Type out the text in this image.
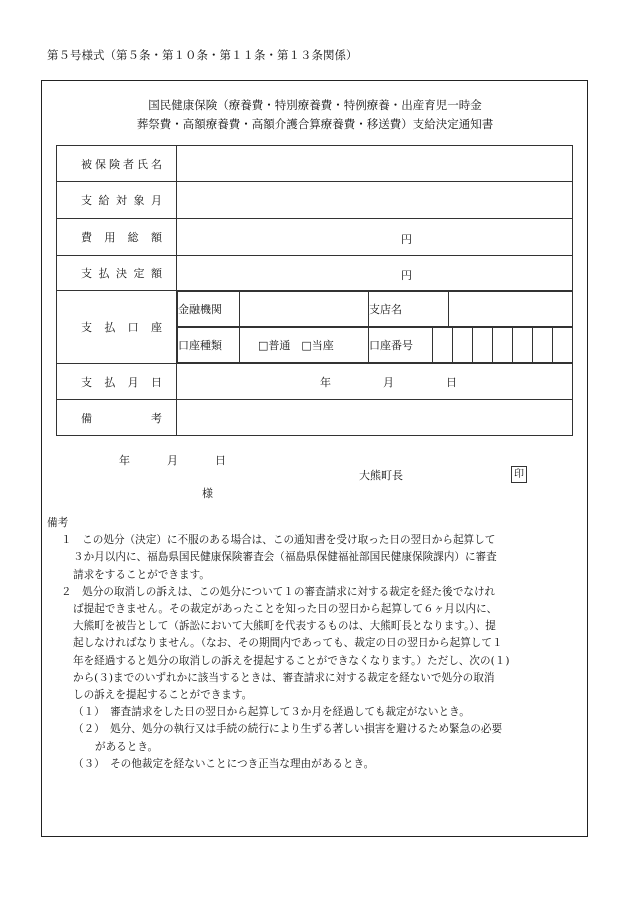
第５号様式（第５条・第１０条・第１１条・第１３条関係）
国民健康保険（療養費・特別療養費・特例療養・出産育児一時金
葬祭費・高額療養費・高額介護合算療養費・移送費）支給決定通知書
被 保 険 者 氏 名

支 給 対 象 月

費 用 総 額	円

支 払 決 定 額	円

支 払 口 座

金融機関		支店名	
口座種類	□普通　□当座	口座番号	

支 払 月 日	年	月	日

備	考

年	月	日
大熊町長	印
様

備考

１　この処分（決定）に不服のある場合は、この通知書を受け取った日の翌日から起算して

３か月以内に、福島県国民健康保険審査会（福島県保健福祉部国民健康保険課内）に審査

請求をすることができます。

２　処分の取消しの訴えは、この処分について１の審査請求に対する裁定を経た後でなけれ

ば提起できません。その裁定があったことを知った日の翌日から起算して６ヶ月以内に、

大熊町を被告として（訴訟において大熊町を代表するものは、大熊町長となります。）、提

起しなければなりません。（なお、その期間内であっても、裁定の日の翌日から起算して１

年を経過すると処分の取消しの訴えを提起することができなくなります。）ただし、次の(１)

から(３)までのいずれかに該当するときは、審査請求に対する裁定を経ないで処分の取消

しの訴えを提起することができます。

（１）　審査請求をした日の翌日から起算して３か月を経過しても裁定がないとき。

（２）　処分、処分の執行又は手続の続行により生ずる著しい損害を避けるため緊急の必要

があるとき。

（３）　その他裁定を経ないことにつき正当な理由があるとき。
